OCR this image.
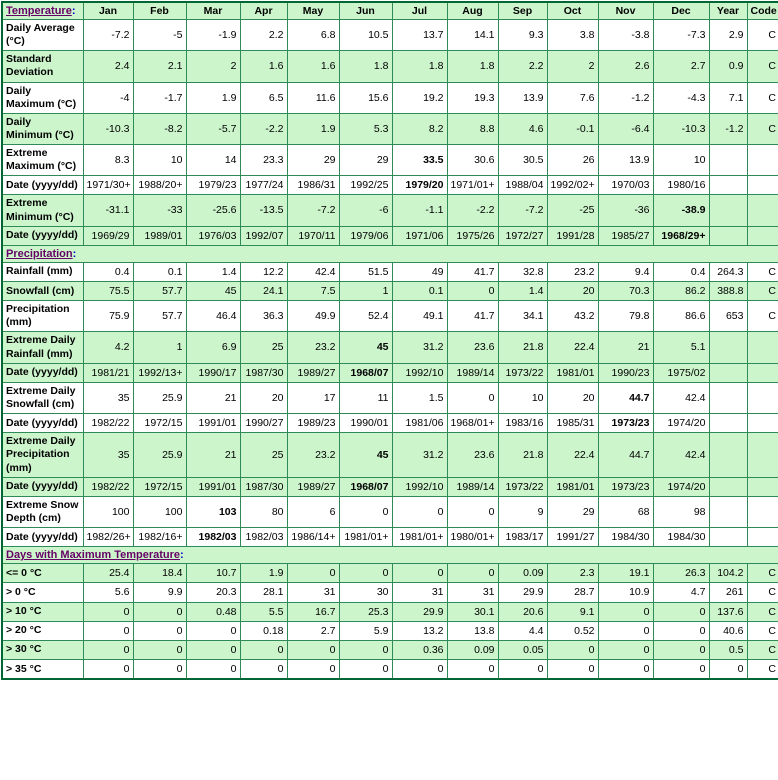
Temperature:	Jan	Feb	Mar	Apr	May	Jun	Jul	Aug	Sep	Oct	Nov	Dec	Year	Code
Daily Average (°C)	-7.2	-5	-1.9	2.2	6.8	10.5	13.7	14.1	9.3	3.8	-3.8	-7.3	2.9	C
Standard Deviation	2.4	2.1	2	1.6	1.6	1.8	1.8	1.8	2.2	2	2.6	2.7	0.9	C
Daily Maximum (°C)	-4	-1.7	1.9	6.5	11.6	15.6	19.2	19.3	13.9	7.6	-1.2	-4.3	7.1	C
Daily Minimum (°C)	-10.3	-8.2	-5.7	-2.2	1.9	5.3	8.2	8.8	4.6	-0.1	-6.4	-10.3	-1.2	C
Extreme Maximum (°C)	8.3	10	14	23.3	29	29	33.5	30.6	30.5	26	13.9	10		
Date (yyyy/dd)	1971/30+	1988/20+	1979/23	1977/24	1986/31	1992/25	1979/20	1971/01+	1988/04	1992/02+	1970/03	1980/16		
Extreme Minimum (°C)	-31.1	-33	-25.6	-13.5	-7.2	-6	-1.1	-2.2	-7.2	-25	-36	-38.9		
Date (yyyy/dd)	1969/29	1989/01	1976/03	1992/07	1970/11	1979/06	1971/06	1975/26	1972/27	1991/28	1985/27	1968/29+		
Precipitation:														
Rainfall (mm)	0.4	0.1	1.4	12.2	42.4	51.5	49	41.7	32.8	23.2	9.4	0.4	264.3	C
Snowfall (cm)	75.5	57.7	45	24.1	7.5	1	0.1	0	1.4	20	70.3	86.2	388.8	C
Precipitation (mm)	75.9	57.7	46.4	36.3	49.9	52.4	49.1	41.7	34.1	43.2	79.8	86.6	653	C
Extreme Daily Rainfall (mm)	4.2	1	6.9	25	23.2	45	31.2	23.6	21.8	22.4	21	5.1		
Date (yyyy/dd)	1981/21	1992/13+	1990/17	1987/30	1989/27	1968/07	1992/10	1989/14	1973/22	1981/01	1990/23	1975/02		
Extreme Daily Snowfall (cm)	35	25.9	21	20	17	11	1.5	0	10	20	44.7	42.4		
Date (yyyy/dd)	1982/22	1972/15	1991/01	1990/27	1989/23	1990/01	1981/06	1968/01+	1983/16	1985/31	1973/23	1974/20		
Extreme Daily Precipitation (mm)	35	25.9	21	25	23.2	45	31.2	23.6	21.8	22.4	44.7	42.4		
Date (yyyy/dd)	1982/22	1972/15	1991/01	1987/30	1989/27	1968/07	1992/10	1989/14	1973/22	1981/01	1973/23	1974/20		
Extreme Snow Depth (cm)	100	100	103	80	6	0	0	0	9	29	68	98		
Date (yyyy/dd)	1982/26+	1982/16+	1982/03	1982/03	1986/14+	1981/01+	1981/01+	1980/01+	1983/17	1991/27	1984/30	1984/30		
Days with Maximum Temperature:														
<= 0 °C	25.4	18.4	10.7	1.9	0	0	0	0	0.09	2.3	19.1	26.3	104.2	C
> 0 °C	5.6	9.9	20.3	28.1	31	30	31	31	29.9	28.7	10.9	4.7	261	C
> 10 °C	0	0	0.48	5.5	16.7	25.3	29.9	30.1	20.6	9.1	0	0	137.6	C
> 20 °C	0	0	0	0.18	2.7	5.9	13.2	13.8	4.4	0.52	0	0	40.6	C
> 30 °C	0	0	0	0	0	0	0.36	0.09	0.05	0	0	0	0.5	C
> 35 °C	0	0	0	0	0	0	0	0	0	0	0	0	0	C
